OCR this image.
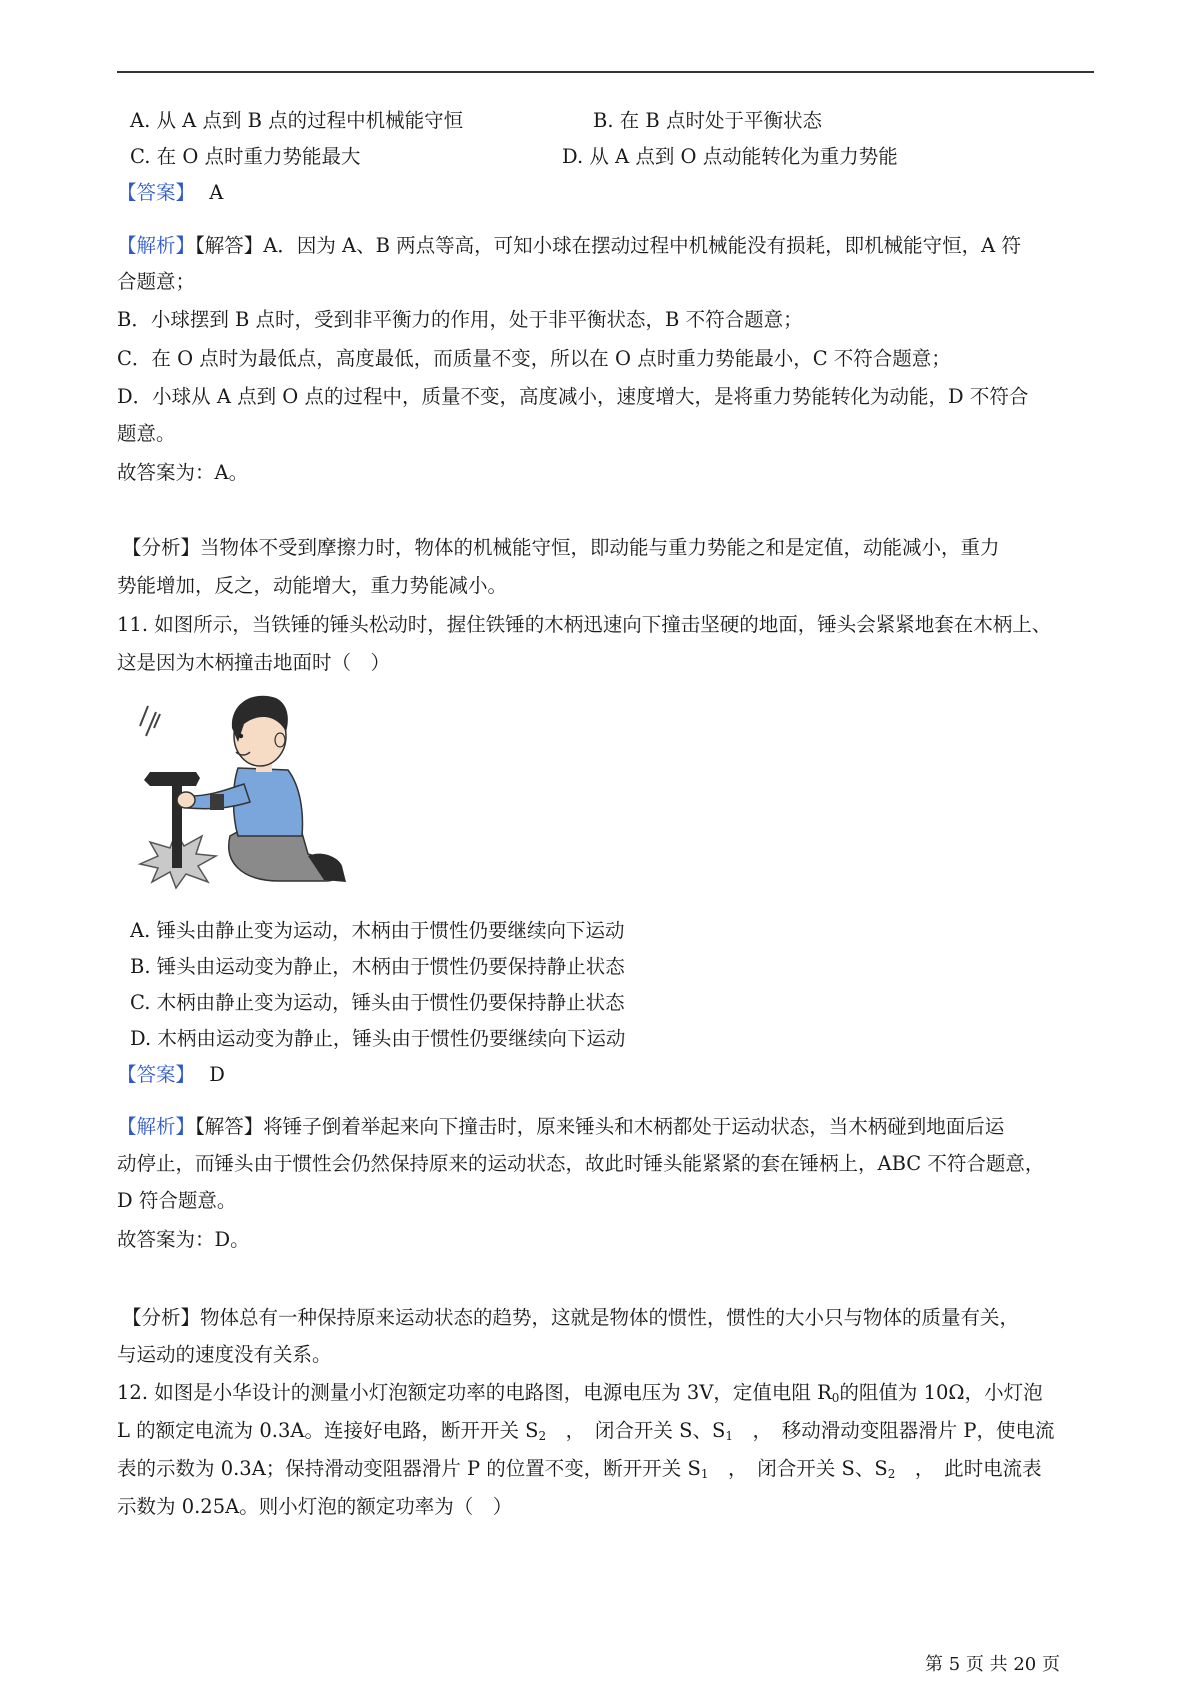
A. 从 A 点到 B 点的过程中机械能守恒	B. 在 B 点时处于平衡状态
C. 在 O 点时重力势能最大	D. 从 A 点到 O 点动能转化为重力势能
【答案】 A
【解析】【解答】A．因为 A、B 两点等高，可知小球在摆动过程中机械能没有损耗，即机械能守恒，A 符
合题意；
B．小球摆到 B 点时，受到非平衡力的作用，处于非平衡状态，B 不符合题意；
C．在 O 点时为最低点，高度最低，而质量不变，所以在 O 点时重力势能最小，C 不符合题意；
D．小球从 A 点到 O 点的过程中，质量不变，高度减小，速度增大，是将重力势能转化为动能，D 不符合
题意。
故答案为：A。
【分析】当物体不受到摩擦力时，物体的机械能守恒，即动能与重力势能之和是定值，动能减小，重力
势能增加，反之，动能增大，重力势能减小。
11. 如图所示，当铁锤的锤头松动时，握住铁锤的木柄迅速向下撞击坚硬的地面，锤头会紧紧地套在木柄上、
这是因为木柄撞击地面时（　）
A. 锤头由静止变为运动，木柄由于惯性仍要继续向下运动
B. 锤头由运动变为静止，木柄由于惯性仍要保持静止状态
C. 木柄由静止变为运动，锤头由于惯性仍要保持静止状态
D. 木柄由运动变为静止，锤头由于惯性仍要继续向下运动
【答案】 D
【解析】【解答】将锤子倒着举起来向下撞击时，原来锤头和木柄都处于运动状态，当木柄碰到地面后运
动停止，而锤头由于惯性会仍然保持原来的运动状态，故此时锤头能紧紧的套在锤柄上，ABC 不符合题意，
D 符合题意。
故答案为：D。
【分析】物体总有一种保持原来运动状态的趋势，这就是物体的惯性，惯性的大小只与物体的质量有关，
与运动的速度没有关系。
12. 如图是小华设计的测量小灯泡额定功率的电路图，电源电压为 3V，定值电阻 $R_0$的阻值为 10Ω，小灯泡
L 的额定电流为 0.3A。连接好电路，断开开关 $S_2$　，　闭合开关 S、$S_1$　，　移动滑动变阻器滑片 P，使电流
表的示数为 0.3A；保持滑动变阻器滑片 P 的位置不变，断开开关 $S_1$　，　闭合开关 S、$S_2$　，　此时电流表
示数为 0.25A。则小灯泡的额定功率为（　）
第 5 页 共 20 页
